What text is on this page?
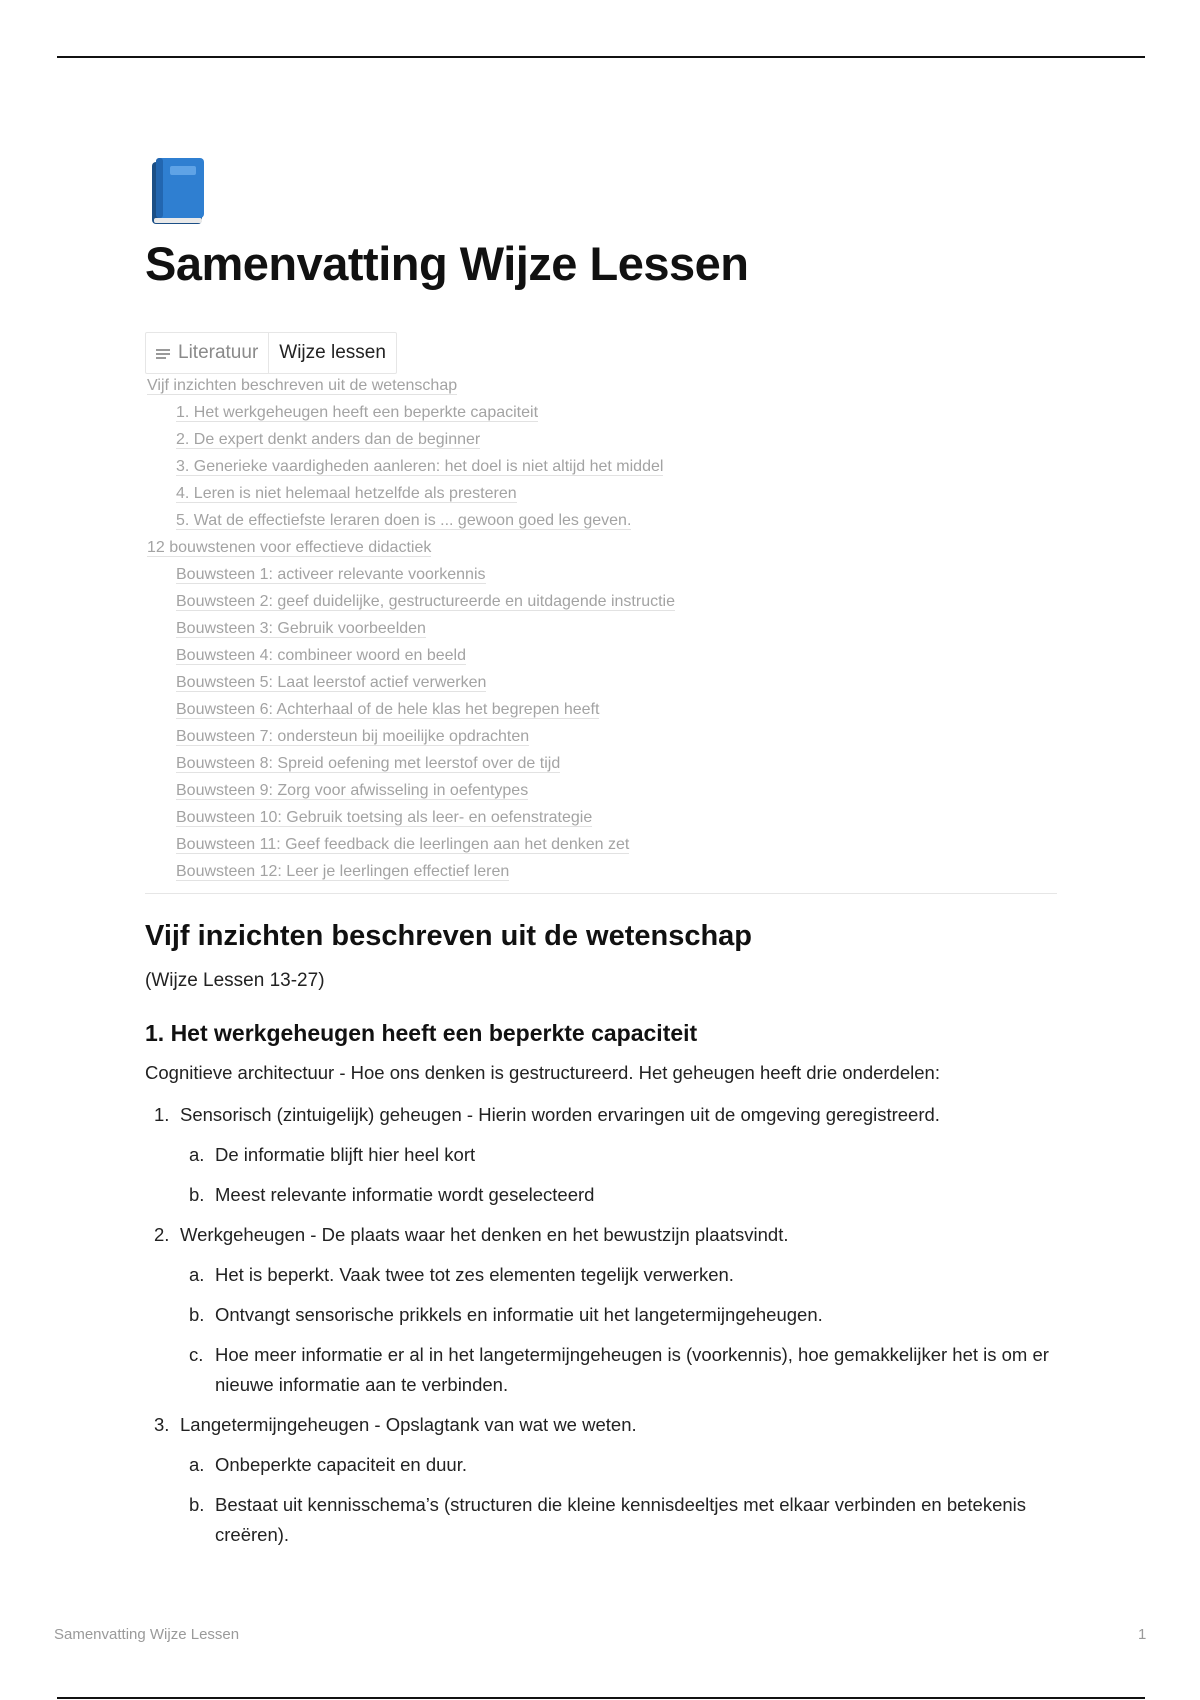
Samenvatting Wijze Lessen
Literatuur Wijze lessen
Vijf inzichten beschreven uit de wetenschap
1. Het werkgeheugen heeft een beperkte capaciteit
2. De expert denkt anders dan de beginner
3. Generieke vaardigheden aanleren: het doel is niet altijd het middel
4. Leren is niet helemaal hetzelfde als presteren
5. Wat de effectiefste leraren doen is ... gewoon goed les geven.
12 bouwstenen voor effectieve didactiek
Bouwsteen 1: activeer relevante voorkennis
Bouwsteen 2: geef duidelijke, gestructureerde en uitdagende instructie
Bouwsteen 3: Gebruik voorbeelden
Bouwsteen 4: combineer woord en beeld
Bouwsteen 5: Laat leerstof actief verwerken
Bouwsteen 6: Achterhaal of de hele klas het begrepen heeft
Bouwsteen 7: ondersteun bij moeilijke opdrachten
Bouwsteen 8: Spreid oefening met leerstof over de tijd
Bouwsteen 9: Zorg voor afwisseling in oefentypes
Bouwsteen 10: Gebruik toetsing als leer- en oefenstrategie
Bouwsteen 11: Geef feedback die leerlingen aan het denken zet
Bouwsteen 12: Leer je leerlingen effectief leren
Vijf inzichten beschreven uit de wetenschap
(Wijze Lessen 13-27)
1. Het werkgeheugen heeft een beperkte capaciteit
Cognitieve architectuur - Hoe ons denken is gestructureerd. Het geheugen heeft drie onderdelen:
1. Sensorisch (zintuigelijk) geheugen - Hierin worden ervaringen uit de omgeving geregistreerd.
a. De informatie blijft hier heel kort
b. Meest relevante informatie wordt geselecteerd
2. Werkgeheugen - De plaats waar het denken en het bewustzijn plaatsvindt.
a. Het is beperkt. Vaak twee tot zes elementen tegelijk verwerken.
b. Ontvangt sensorische prikkels en informatie uit het langetermijngeheugen.
c. Hoe meer informatie er al in het langetermijngeheugen is (voorkennis), hoe gemakkelijker het is om er nieuwe informatie aan te verbinden.
3. Langetermijngeheugen - Opslagtank van wat we weten.
a. Onbeperkte capaciteit en duur.
b. Bestaat uit kennisschema’s (structuren die kleine kennisdeeltjes met elkaar verbinden en betekenis creëren).
Samenvatting Wijze Lessen	1
